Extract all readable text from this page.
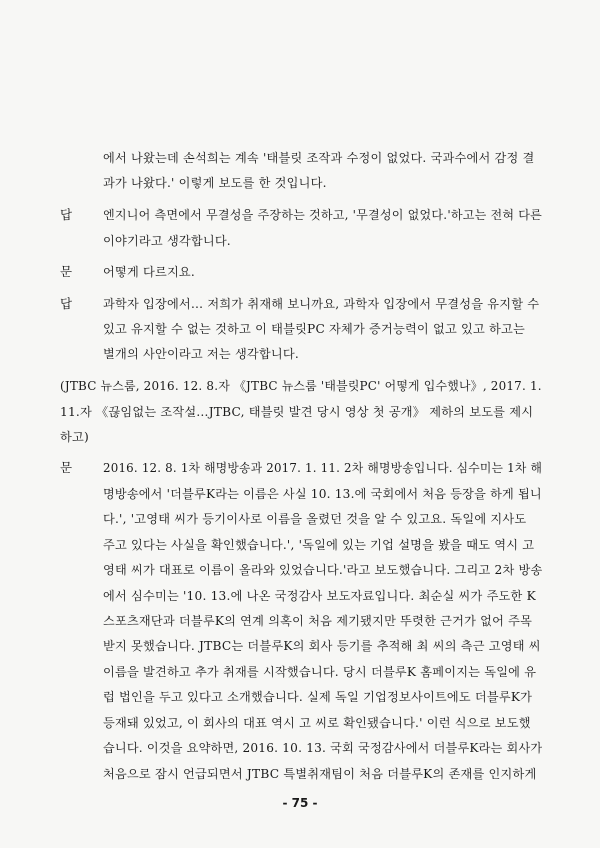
에서 나왔는데 손석희는 계속 '태블릿 조작과 수정이 없었다. 국과수에서 감정 결
과가 나왔다.' 이렇게 보도를 한 것입니다.
답	엔지니어 측면에서 무결성을 주장하는 것하고, '무결성이 없었다.'하고는 전혀 다른
이야기라고 생각합니다.
문	어떻게 다르지요.
답	과학자 입장에서… 저희가 취재해 보니까요, 과학자 입장에서 무결성을 유지할 수
있고 유지할 수 없는 것하고 이 태블릿PC 자체가 증거능력이 없고 있고 하고는
별개의 사안이라고 저는 생각합니다.
(JTBC 뉴스룸, 2016. 12. 8.자 《JTBC 뉴스룸 '태블릿PC' 어떻게 입수했나》, 2017. 1.
11.자 《끊임없는 조작설…JTBC, 태블릿 발견 당시 영상 첫 공개》 제하의 보도를 제시
하고)
문	2016. 12. 8. 1차 해명방송과 2017. 1. 11. 2차 해명방송입니다. 심수미는 1차 해
명방송에서 '더블루K라는 이름은 사실 10. 13.에 국회에서 처음 등장을 하게 됩니
다.', '고영태 씨가 등기이사로 이름을 올렸던 것을 알 수 있고요. 독일에 지사도
주고 있다는 사실을 확인했습니다.', '독일에 있는 기업 설명을 봤을 때도 역시 고
영태 씨가 대표로 이름이 올라와 있었습니다.'라고 보도했습니다. 그리고 2차 방송
에서 심수미는 '10. 13.에 나온 국정감사 보도자료입니다. 최순실 씨가 주도한 K
스포츠재단과 더블루K의 연계 의혹이 처음 제기됐지만 뚜렷한 근거가 없어 주목
받지 못했습니다. JTBC는 더블루K의 회사 등기를 추적해 최 씨의 측근 고영태 씨
이름을 발견하고 추가 취재를 시작했습니다. 당시 더블루K 홈페이지는 독일에 유
럽 법인을 두고 있다고 소개했습니다. 실제 독일 기업정보사이트에도 더블루K가
등재돼 있었고, 이 회사의 대표 역시 고 씨로 확인됐습니다.' 이런 식으로 보도했
습니다. 이것을 요약하면, 2016. 10. 13. 국회 국정감사에서 더블루K라는 회사가
처음으로 잠시 언급되면서 JTBC 특별취재팀이 처음 더블루K의 존재를 인지하게
- 75 -
